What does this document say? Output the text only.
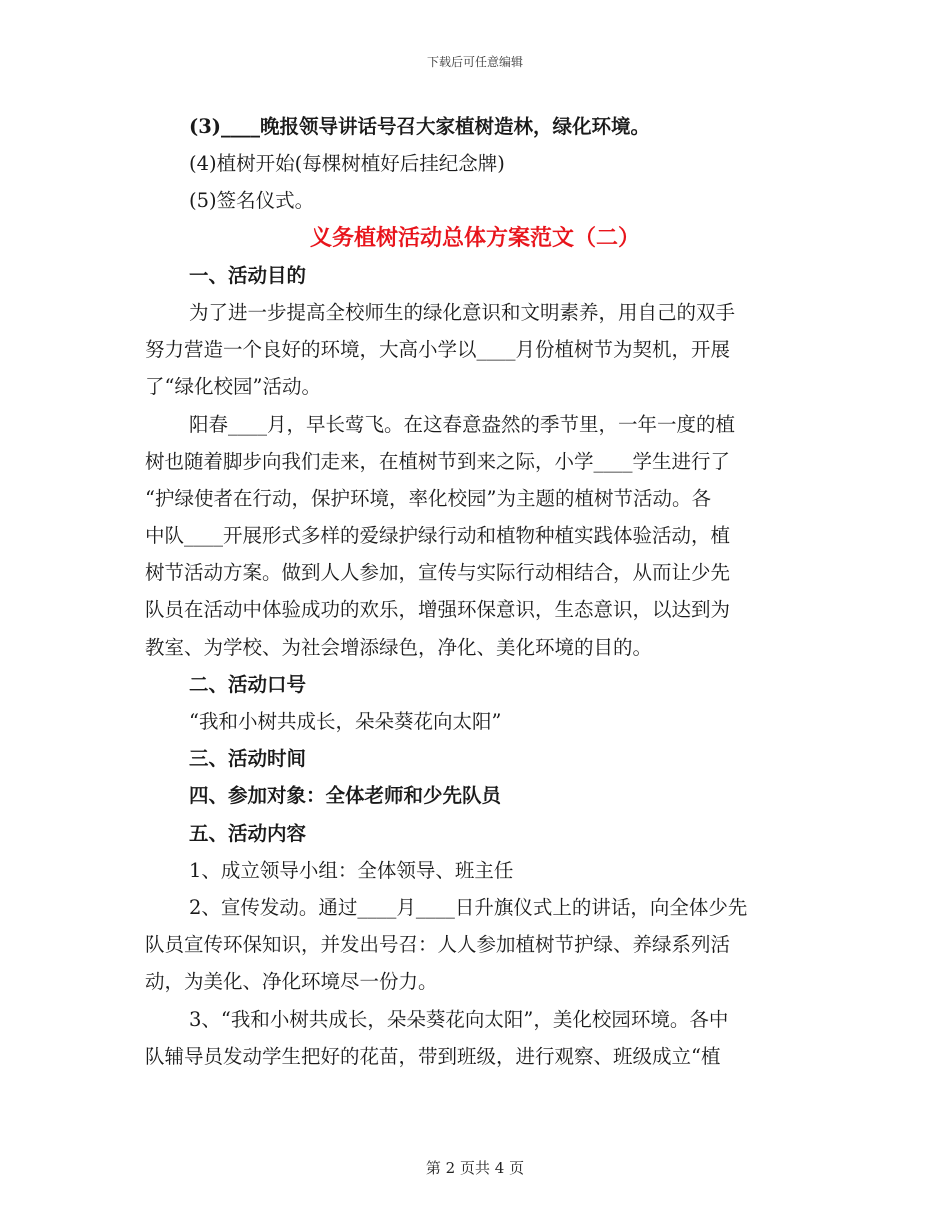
下载后可任意编辑
(3)____晚报领导讲话号召大家植树造林，绿化环境。
(4)植树开始(每棵树植好后挂纪念牌)
(5)签名仪式。
义务植树活动总体方案范文（二）
一、活动目的
为了进一步提高全校师生的绿化意识和文明素养，用自己的双手
努力营造一个良好的环境，大高小学以____月份植树节为契机，开展
了“绿化校园”活动。
阳春____月，早长莺飞。在这春意盎然的季节里，一年一度的植
树也随着脚步向我们走来，在植树节到来之际，小学____学生进行了
“护绿使者在行动，保护环境，率化校园”为主题的植树节活动。各
中队____开展形式多样的爱绿护绿行动和植物种植实践体验活动，植
树节活动方案。做到人人参加，宣传与实际行动相结合，从而让少先
队员在活动中体验成功的欢乐，增强环保意识，生态意识，以达到为
教室、为学校、为社会增添绿色，净化、美化环境的目的。
二、活动口号
“我和小树共成长，朵朵葵花向太阳”
三、活动时间
四、参加对象：全体老师和少先队员
五、活动内容
1、成立领导小组：全体领导、班主任
2、宣传发动。通过____月____日升旗仪式上的讲话，向全体少先
队员宣传环保知识，并发出号召：人人参加植树节护绿、养绿系列活
动，为美化、净化环境尽一份力。
3、“我和小树共成长，朵朵葵花向太阳”，美化校园环境。各中
队辅导员发动学生把好的花苗，带到班级，进行观察、班级成立“植
第 2 页共 4 页
